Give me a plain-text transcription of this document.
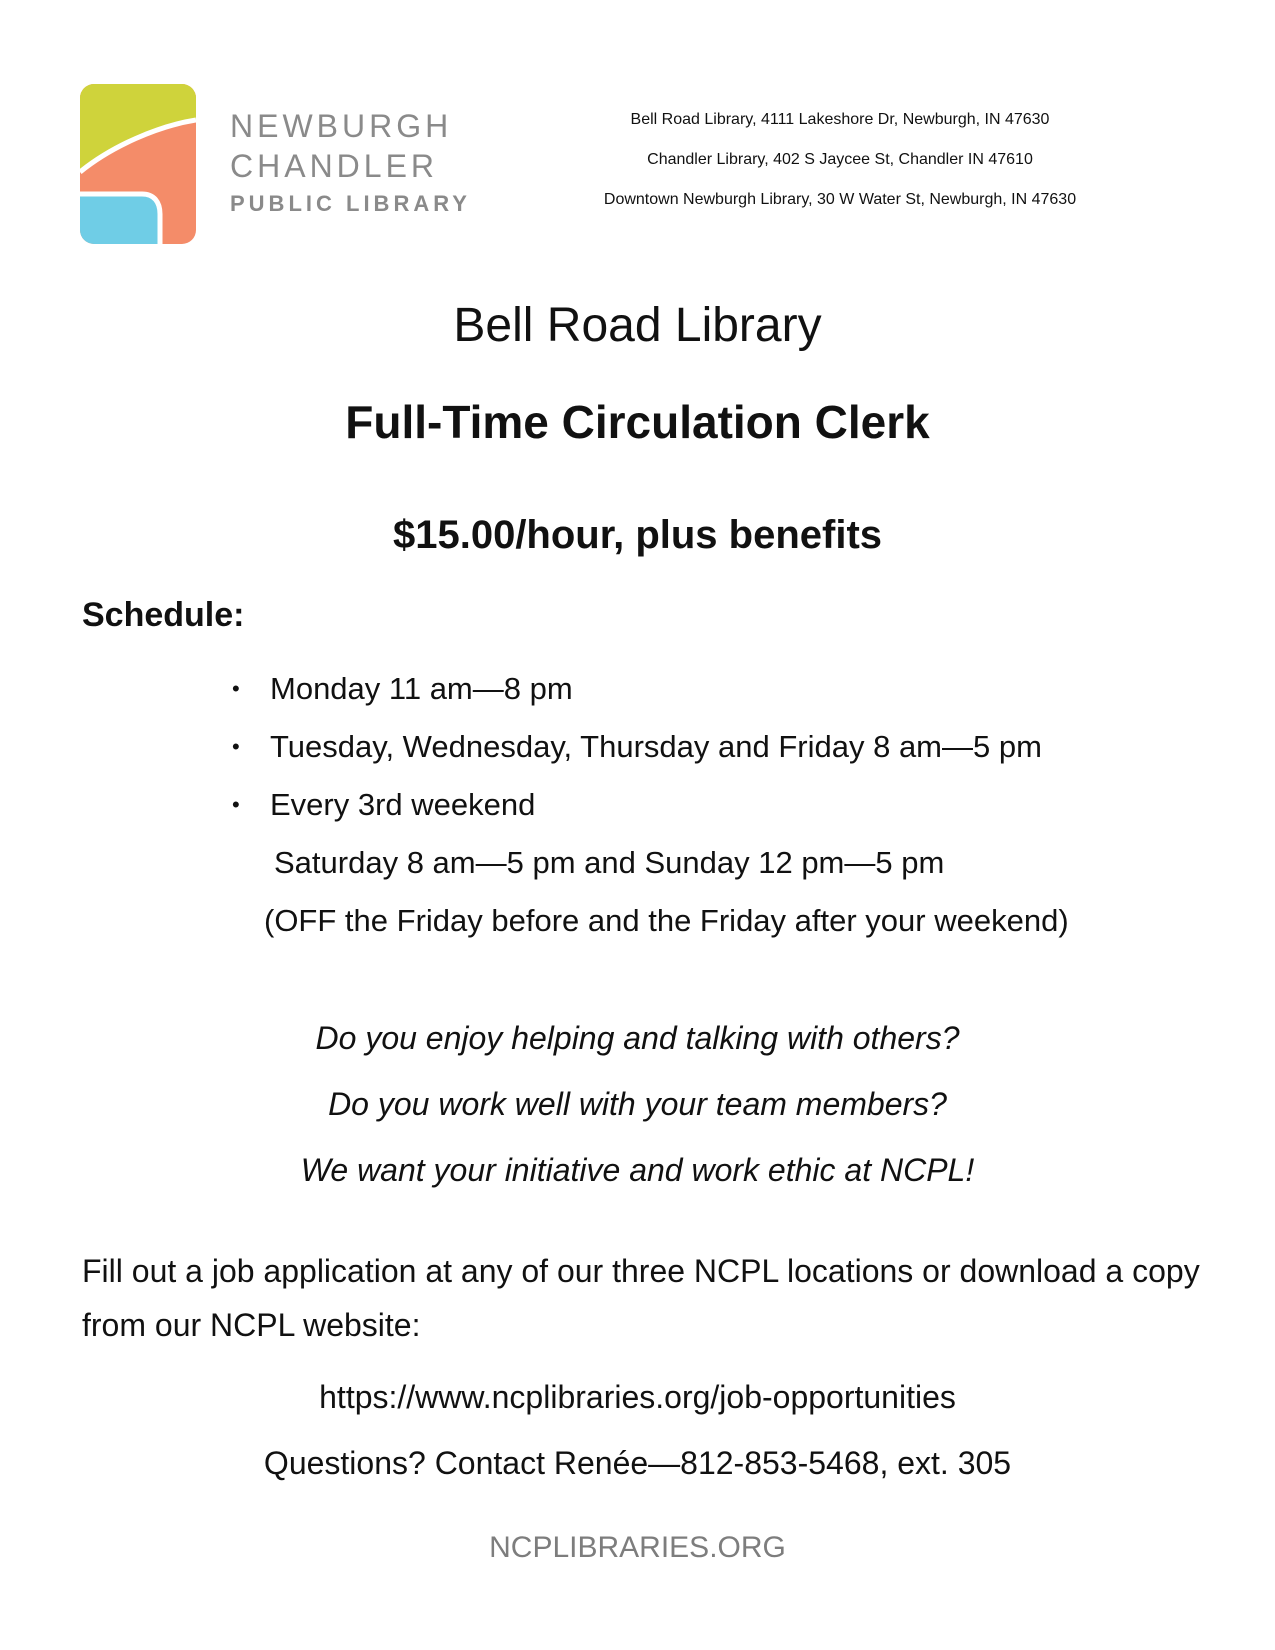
NEWBURGH
CHANDLER
PUBLIC LIBRARY
Bell Road Library, 4111 Lakeshore Dr, Newburgh, IN 47630
Chandler Library, 402 S Jaycee St, Chandler IN 47610
Downtown Newburgh Library, 30 W Water St, Newburgh, IN 47630
Bell Road Library
Full-Time Circulation Clerk
$15.00/hour, plus benefits
Schedule:
• Monday 11 am—8 pm
• Tuesday, Wednesday, Thursday and Friday 8 am—5 pm
• Every 3rd weekend
Saturday 8 am—5 pm and Sunday 12 pm—5 pm
(OFF the Friday before and the Friday after your weekend)
Do you enjoy helping and talking with others?
Do you work well with your team members?
We want your initiative and work ethic at NCPL!
Fill out a job application at any of our three NCPL locations or download a copy from our NCPL website:
https://www.ncplibraries.org/job-opportunities
Questions? Contact Renée—812-853-5468, ext. 305
NCPLIBRARIES.ORG
